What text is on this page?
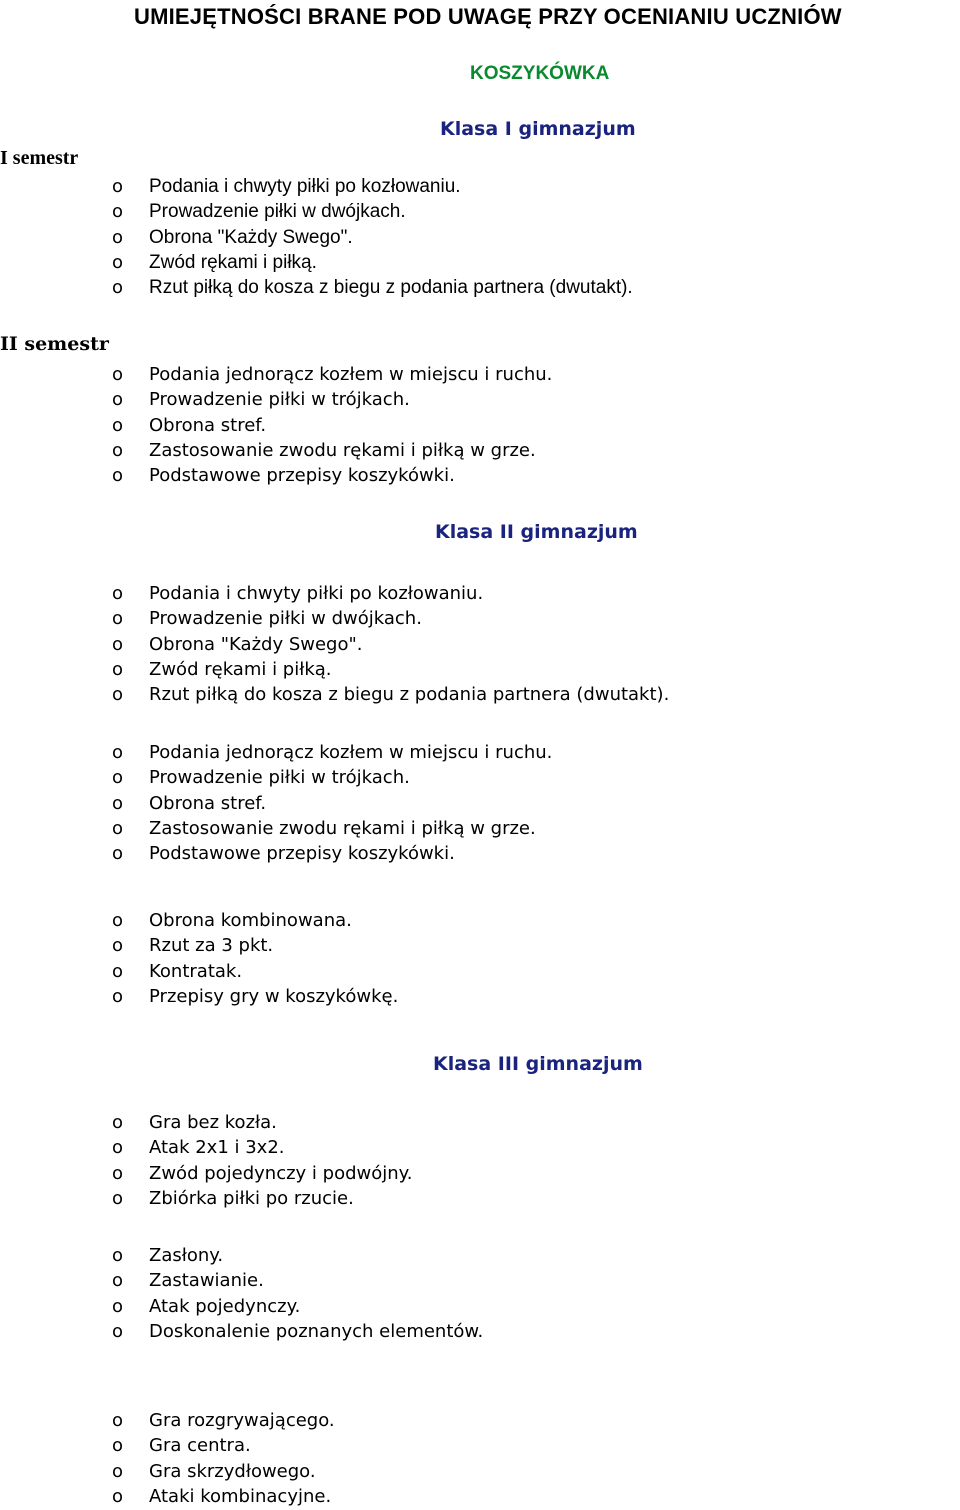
UMIEJĘTNOŚCI BRANE POD UWAGĘ PRZY OCENIANIU UCZNIÓW
KOSZYKÓWKA
Klasa I gimnazjum
I semestr
o Podania i chwyty piłki po kozłowaniu.
o Prowadzenie piłki w dwójkach.
o Obrona "Każdy Swego".
o Zwód rękami i piłką.
o Rzut piłką do kosza z biegu z podania partnera (dwutakt).
II semestr
o Podania jednorącz kozłem w miejscu i ruchu.
o Prowadzenie piłki w trójkach.
o Obrona stref.
o Zastosowanie zwodu rękami i piłką w grze.
o Podstawowe przepisy koszykówki.
Klasa II gimnazjum
o Podania i chwyty piłki po kozłowaniu.
o Prowadzenie piłki w dwójkach.
o Obrona "Każdy Swego".
o Zwód rękami i piłką.
o Rzut piłką do kosza z biegu z podania partnera (dwutakt).
o Podania jednorącz kozłem w miejscu i ruchu.
o Prowadzenie piłki w trójkach.
o Obrona stref.
o Zastosowanie zwodu rękami i piłką w grze.
o Podstawowe przepisy koszykówki.
o Obrona kombinowana.
o Rzut za 3 pkt.
o Kontratak.
o Przepisy gry w koszykówkę.
Klasa III gimnazjum
o Gra bez kozła.
o Atak 2x1 i 3x2.
o Zwód pojedynczy i podwójny.
o Zbiórka piłki po rzucie.
o Zasłony.
o Zastawianie.
o Atak pojedynczy.
o Doskonalenie poznanych elementów.
o Gra rozgrywającego.
o Gra centra.
o Gra skrzydłowego.
o Ataki kombinacyjne.
